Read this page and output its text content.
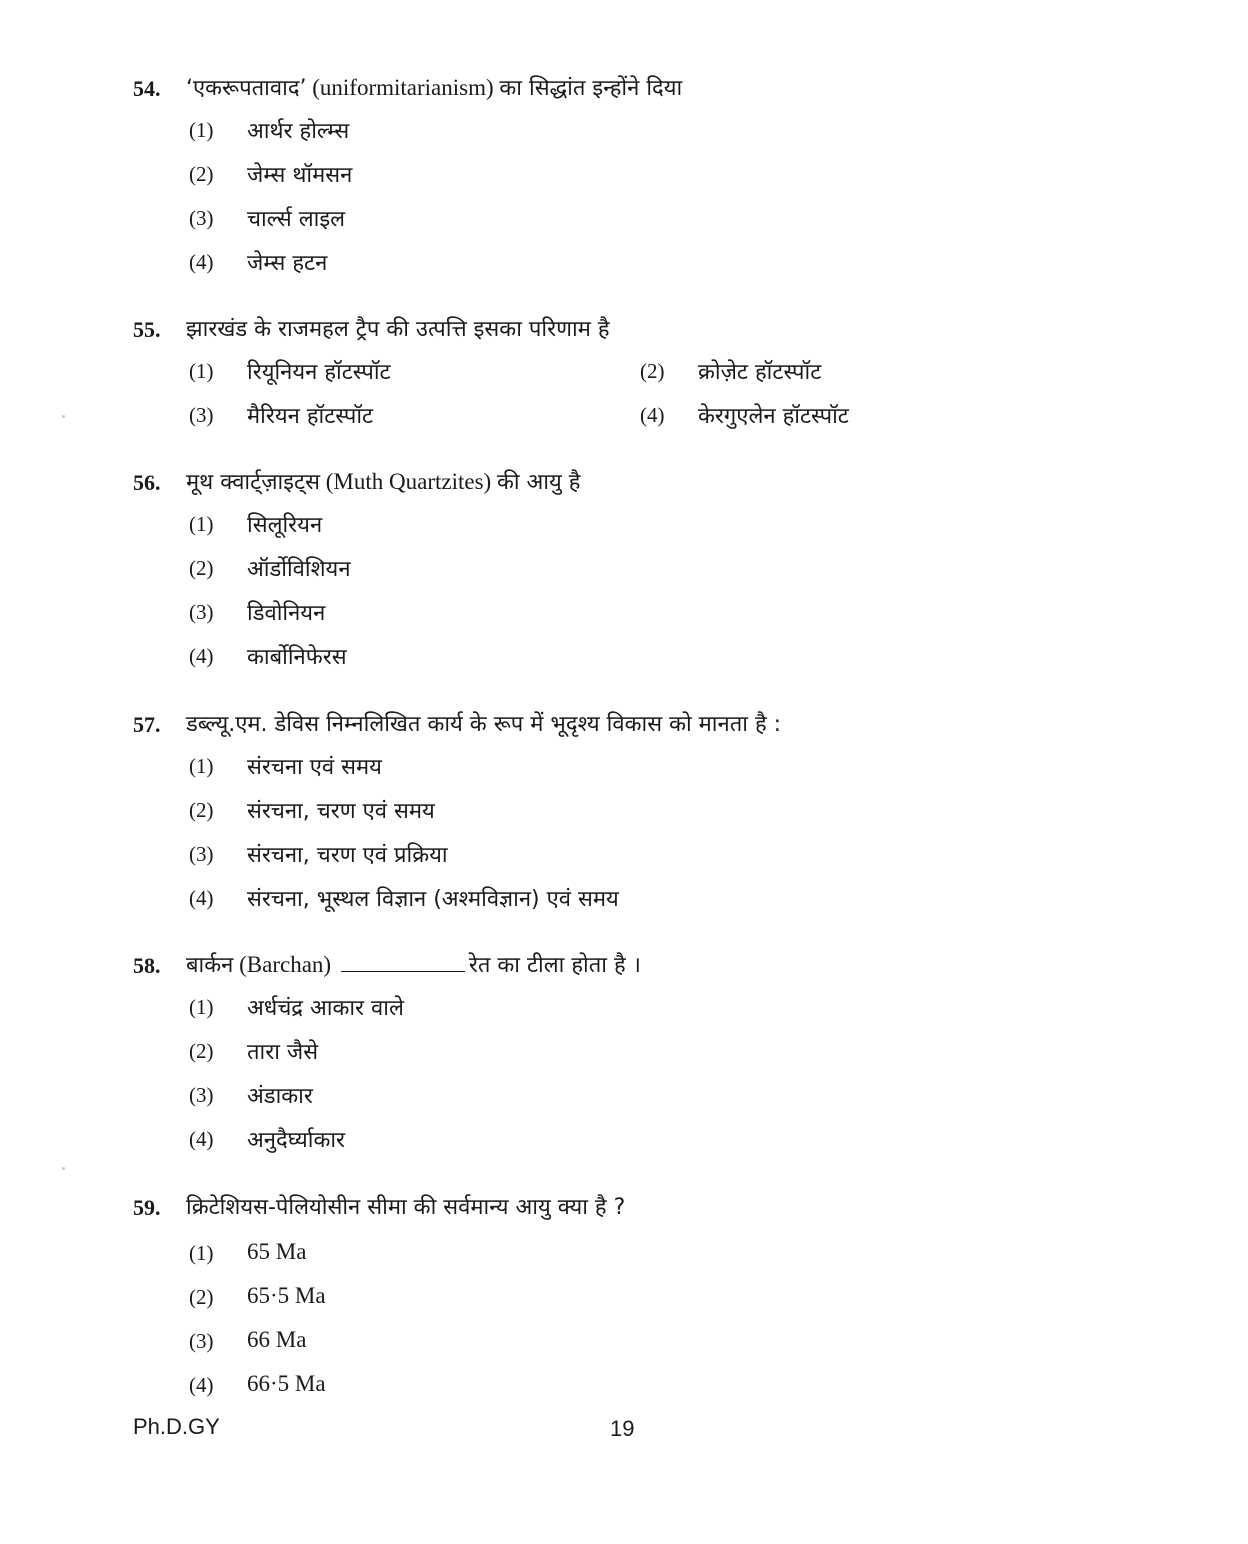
54. ‘एकरूपतावाद’ (uniformitarianism) का सिद्धांत इन्होंने दिया
(1) आर्थर होल्म्स
(2) जेम्स थॉमसन
(3) चार्ल्स लाइल
(4) जेम्स हटन
55. झारखंड के राजमहल ट्रैप की उत्पत्ति इसका परिणाम है
(1) रियूनियन हॉटस्पॉट	(2) क्रोज़ेट हॉटस्पॉट
(3) मैरियन हॉटस्पॉट	(4) केरगुएलेन हॉटस्पॉट
56. मूथ क्वार्ट्ज़ाइट्स (Muth Quartzites) की आयु है
(1) सिलूरियन
(2) ऑर्डोविशियन
(3) डिवोनियन
(4) कार्बोनिफेरस
57. डब्ल्यू.एम. डेविस निम्नलिखित कार्य के रूप में भूदृश्य विकास को मानता है :
(1) संरचना एवं समय
(2) संरचना, चरण एवं समय
(3) संरचना, चरण एवं प्रक्रिया
(4) संरचना, भूस्थल विज्ञान (अश्मविज्ञान) एवं समय
58. बार्कन (Barchan)	रेत का टीला होता है ।
(1) अर्धचंद्र आकार वाले
(2) तारा जैसे
(3) अंडाकार
(4) अनुदैर्घ्याकार
59. क्रिटेशियस-पेलियोसीन सीमा की सर्वमान्य आयु क्या है ?
(1) 65 Ma
(2) 65·5 Ma
(3) 66 Ma
(4) 66·5 Ma
Ph.D.GY	19
